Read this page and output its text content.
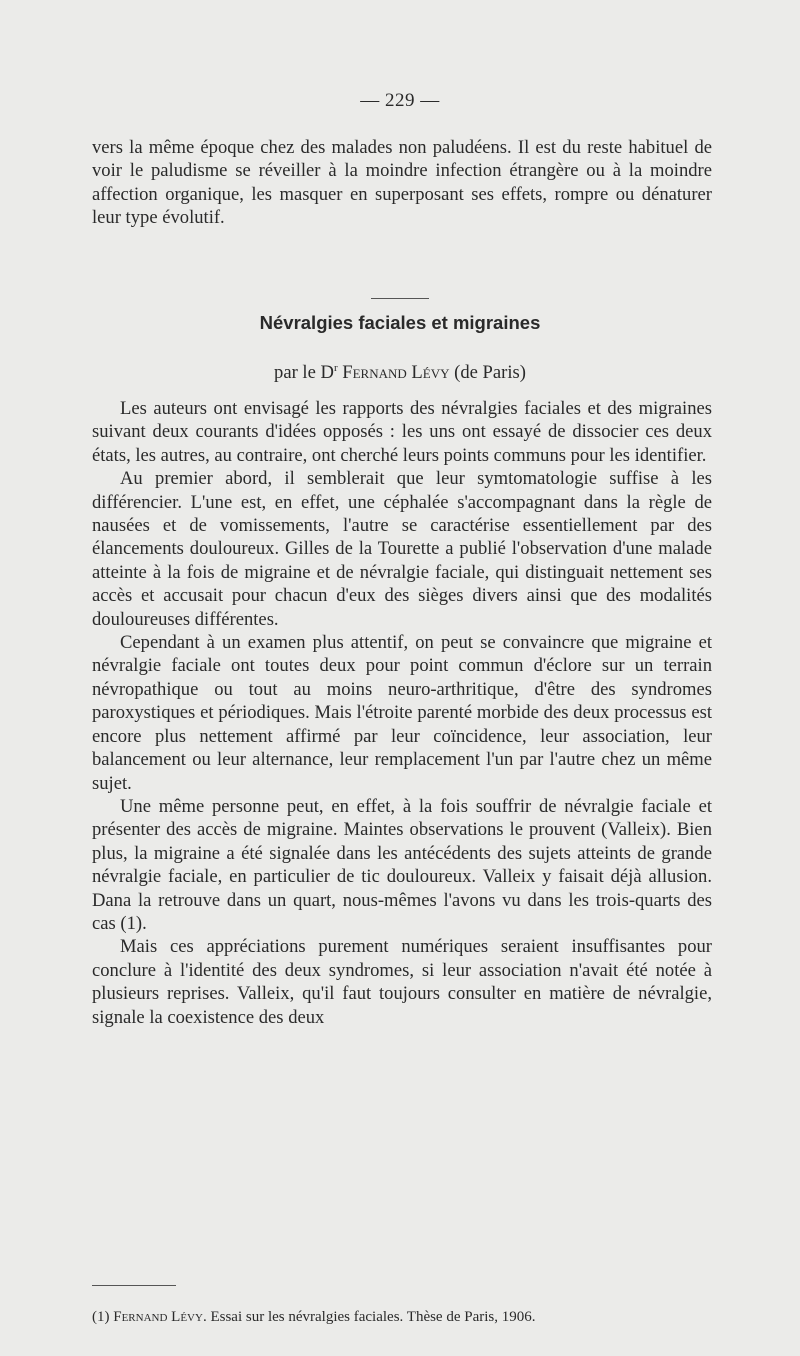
— 229 —

vers la même époque chez des malades non paludéens. Il est du reste habituel de voir le paludisme se réveiller à la moindre infection étrangère ou à la moindre affection organique, les masquer en superposant ses effets, rompre ou dénaturer leur type évolutif.

Névralgies faciales et migraines
par le $D^r$ Fernand Lévy (de Paris)

Les auteurs ont envisagé les rapports des névralgies faciales et des migraines suivant deux courants d'idées opposés : les uns ont essayé de dissocier ces deux états, les autres, au contraire, ont cherché leurs points communs pour les identifier.

Au premier abord, il semblerait que leur symtomatologie suffise à les différencier. L'une est, en effet, une céphalée s'accompagnant dans la règle de nausées et de vomissements, l'autre se caractérise essentiellement par des élancements douloureux. Gilles de la Tourette a publié l'observation d'une malade atteinte à la fois de migraine et de névralgie faciale, qui distinguait nettement ses accès et accusait pour chacun d'eux des sièges divers ainsi que des modalités douloureuses différentes.

Cependant à un examen plus attentif, on peut se convaincre que migraine et névralgie faciale ont toutes deux pour point commun d'éclore sur un terrain névropathique ou tout au moins neuro-arthritique, d'être des syndromes paroxystiques et périodiques. Mais l'étroite parenté morbide des deux processus est encore plus nettement affirmé par leur coïncidence, leur association, leur balancement ou leur alternance, leur remplacement l'un par l'autre chez un même sujet.

Une même personne peut, en effet, à la fois souffrir de névralgie faciale et présenter des accès de migraine. Maintes observations le prouvent (Valleix). Bien plus, la migraine a été signalée dans les antécédents des sujets atteints de grande névralgie faciale, en particulier de tic douloureux. Valleix y faisait déjà allusion. Dana la retrouve dans un quart, nous-mêmes l'avons vu dans les trois-quarts des cas (1).

Mais ces appréciations purement numériques seraient insuffisantes pour conclure à l'identité des deux syndromes, si leur association n'avait été notée à plusieurs reprises. Valleix, qu'il faut toujours consulter en matière de névralgie, signale la coexistence des deux

(1) Fernand Lévy. Essai sur les névralgies faciales. Thèse de Paris, 1906.
